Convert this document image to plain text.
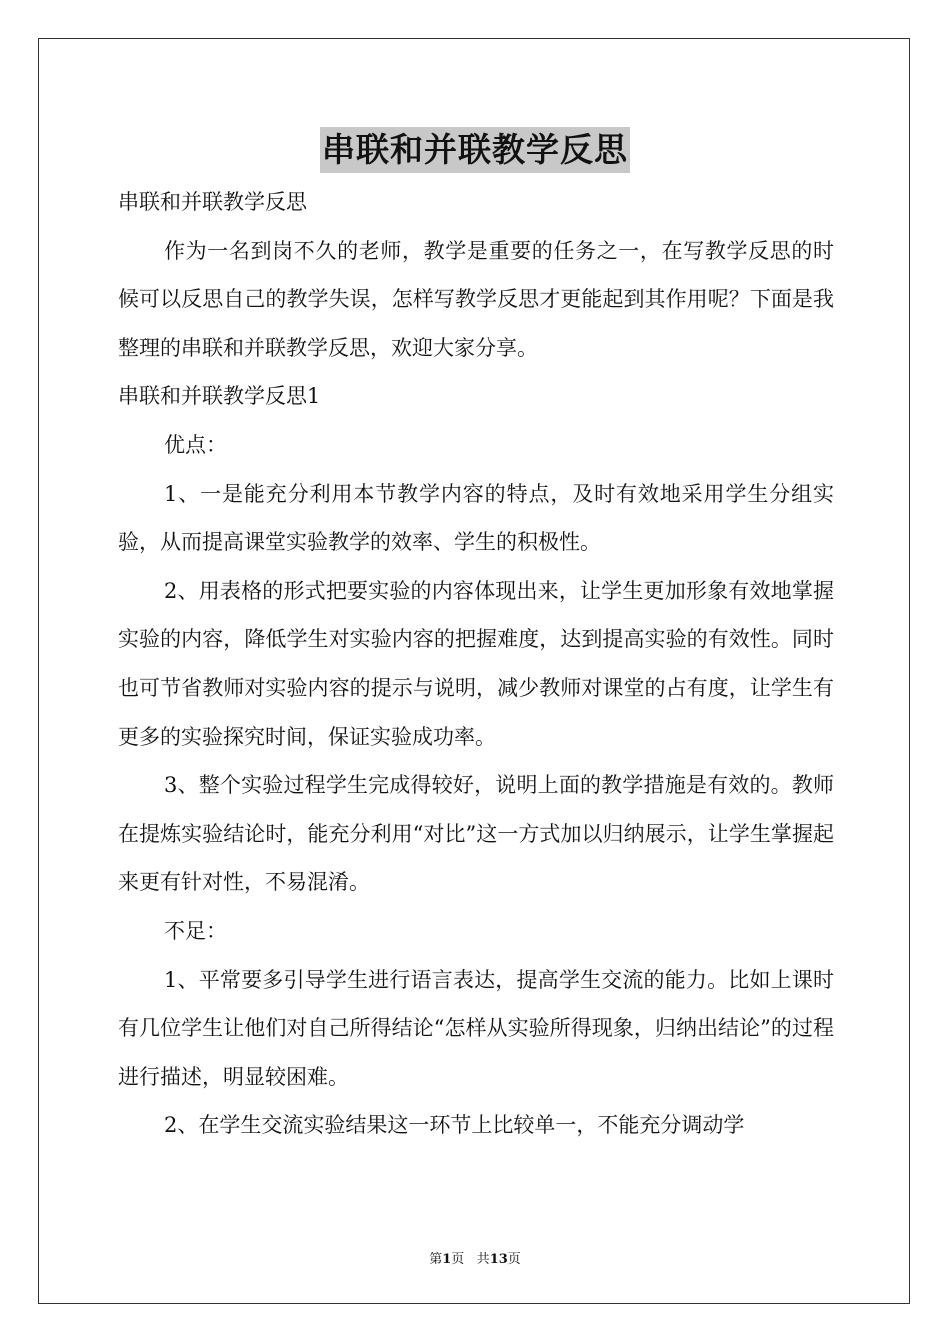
串联和并联教学反思

串联和并联教学反思

作为一名到岗不久的老师，教学是重要的任务之一，在写教学反思的时候可以反思自己的教学失误，怎样写教学反思才更能起到其作用呢？下面是我整理的串联和并联教学反思，欢迎大家分享。

串联和并联教学反思1

优点：

1、一是能充分利用本节教学内容的特点，及时有效地采用学生分组实验，从而提高课堂实验教学的效率、学生的积极性。

2、用表格的形式把要实验的内容体现出来，让学生更加形象有效地掌握实验的内容，降低学生对实验内容的把握难度，达到提高实验的有效性。同时也可节省教师对实验内容的提示与说明，减少教师对课堂的占有度，让学生有更多的实验探究时间，保证实验成功率。

3、整个实验过程学生完成得较好，说明上面的教学措施是有效的。教师在提炼实验结论时，能充分利用“对比”这一方式加以归纳展示，让学生掌握起来更有针对性，不易混淆。

不足：

1、平常要多引导学生进行语言表达，提高学生交流的能力。比如上课时有几位学生让他们对自己所得结论“怎样从实验所得现象，归纳出结论”的过程进行描述，明显较困难。

2、在学生交流实验结果这一环节上比较单一，不能充分调动学

第1页 共13页
